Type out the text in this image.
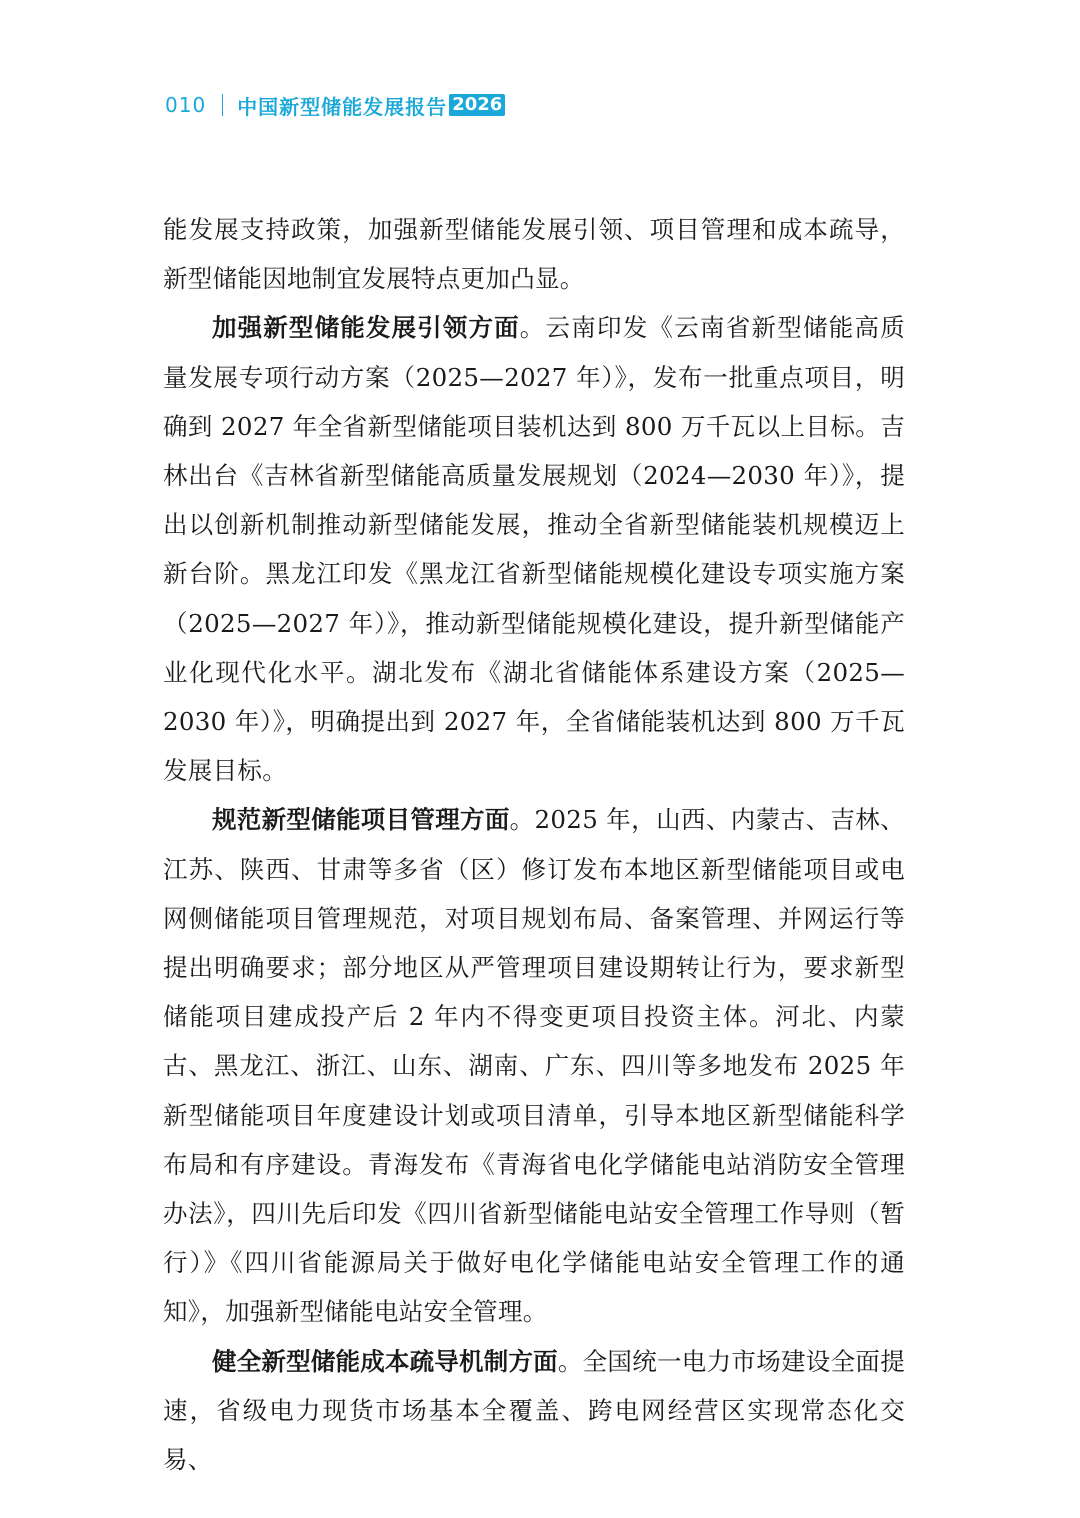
010 中国新型储能发展报告 2026

能发展支持政策，加强新型储能发展引领、项目管理和成本疏导，新型储能因地制宜发展特点更加凸显。

加强新型储能发展引领方面。云南印发《云南省新型储能高质量发展专项行动方案（2025—2027 年）》，发布一批重点项目，明确到 2027 年全省新型储能项目装机达到 800 万千瓦以上目标。吉林出台《吉林省新型储能高质量发展规划（2024—2030 年）》，提出以创新机制推动新型储能发展，推动全省新型储能装机规模迈上新台阶。黑龙江印发《黑龙江省新型储能规模化建设专项实施方案（2025—2027 年）》，推动新型储能规模化建设，提升新型储能产业化现代化水平。湖北发布《湖北省储能体系建设方案（2025—2030 年）》，明确提出到 2027 年，全省储能装机达到 800 万千瓦发展目标。

规范新型储能项目管理方面。2025 年，山西、内蒙古、吉林、江苏、陕西、甘肃等多省（区）修订发布本地区新型储能项目或电网侧储能项目管理规范，对项目规划布局、备案管理、并网运行等提出明确要求；部分地区从严管理项目建设期转让行为，要求新型储能项目建成投产后 2 年内不得变更项目投资主体。河北、内蒙古、黑龙江、浙江、山东、湖南、广东、四川等多地发布 2025 年新型储能项目年度建设计划或项目清单，引导本地区新型储能科学布局和有序建设。青海发布《青海省电化学储能电站消防安全管理办法》，四川先后印发《四川省新型储能电站安全管理工作导则（暂行）》《四川省能源局关于做好电化学储能电站安全管理工作的通知》，加强新型储能电站安全管理。

健全新型储能成本疏导机制方面。全国统一电力市场建设全面提速，省级电力现货市场基本全覆盖、跨电网经营区实现常态化交易、
